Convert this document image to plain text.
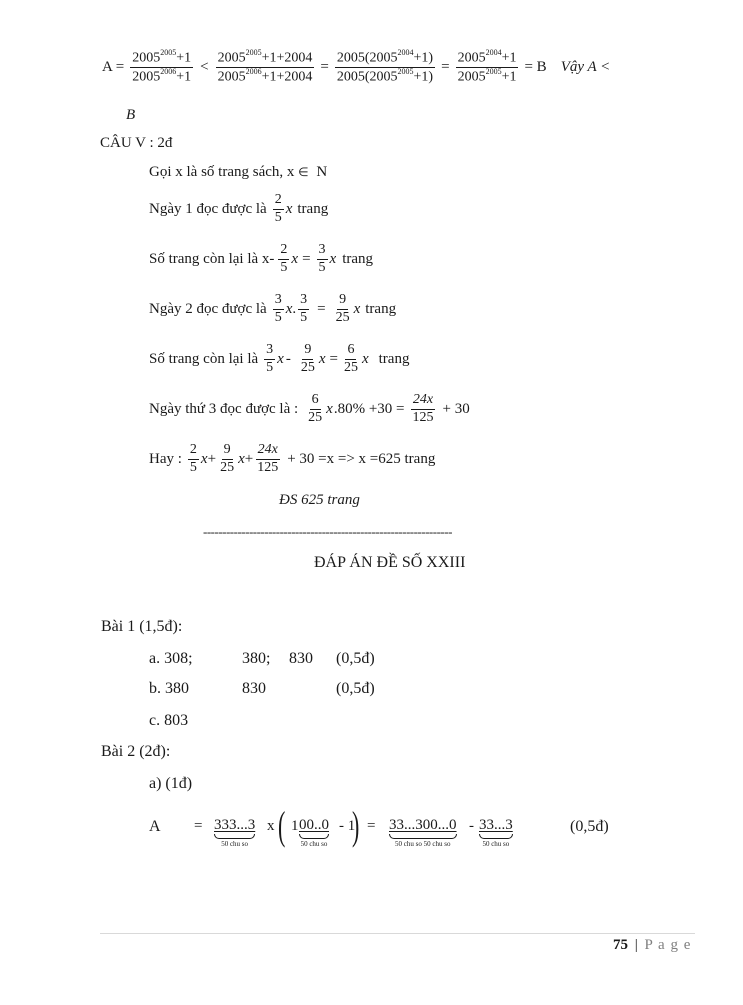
$A = \frac{2005^{2005}+1}{2005^{2006}+1} < \frac{2005^{2005}+1+2004}{2005^{2006}+1+2004} = \frac{2005(2005^{2004}+1)}{2005(2005^{2005}+1)} = \frac{2005^{2004}+1}{2005^{2005}+1} = B$ Vậy A <
B
CÂU V : 2đ
Gọi x là số trang sách, x ∈ N
Ngày 1 đọc được là $\frac{2}{5}$ x trang
Số trang còn lại là $x- \frac{2}{5}$ $x = \frac{3}{5}$ x trang
Ngày 2 đọc được là $\frac{3}{5}$ x . $\frac{3}{5} = \frac{9}{25}$ x trang
Số trang còn lại là $\frac{3}{5}$ x - $\frac{9}{25}$ $x = \frac{6}{25}$ x trang
Ngày thứ 3 đọc được là : $\frac{6}{25}$ x $.80\% +30 = \frac{24x}{125} + 30$
Hay : $\frac{2}{5}$ $x + \frac{9}{25}$ $x + \frac{24x}{125} + 30 =x => x =625$ trang
ĐS 625 trang
-----------------------------------------------------------------
ĐÁP ÁN ĐỀ SỐ XXIII
Bài 1 (1,5đ):
a. 308;	380; 830 (0,5đ)
b. 380	830	(0,5đ)
c. 803
Bài 2 (2đ):
a) (1đ)
A = 333...3
50 chu so
x ( 1 00..0
50 chu so
- 1
) = 33...300...0
50 chu so 50 chu so
- 33...3
50 chu so
(0,5đ)
75 | P a g e
